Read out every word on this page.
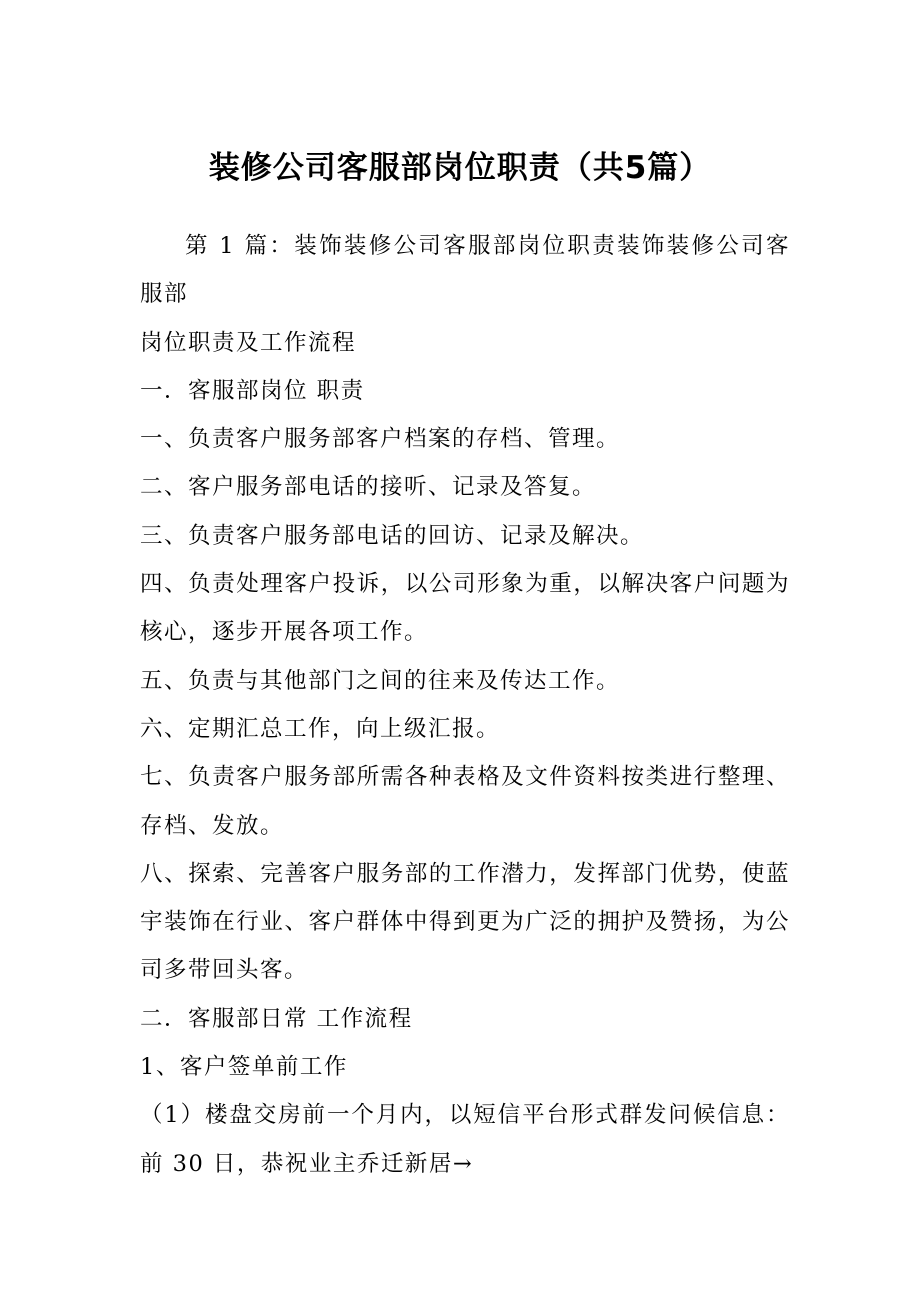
装修公司客服部岗位职责（共5篇）

第 1 篇：装饰装修公司客服部岗位职责装饰装修公司客服部

岗位职责及工作流程

一．客服部岗位 职责

一、负责客户服务部客户档案的存档、管理。

二、客户服务部电话的接听、记录及答复。

三、负责客户服务部电话的回访、记录及解决。

四、负责处理客户投诉，以公司形象为重，以解决客户问题为核心，逐步开展各项工作。

五、负责与其他部门之间的往来及传达工作。

六、定期汇总工作，向上级汇报。

七、负责客户服务部所需各种表格及文件资料按类进行整理、存档、发放。

八、探索、完善客户服务部的工作潜力，发挥部门优势，使蓝宇装饰在行业、客户群体中得到更为广泛的拥护及赞扬，为公司多带回头客。

二．客服部日常 工作流程

1、客户签单前工作

（1）楼盘交房前一个月内，以短信平台形式群发问候信息：前 30 日，恭祝业主乔迁新居→
